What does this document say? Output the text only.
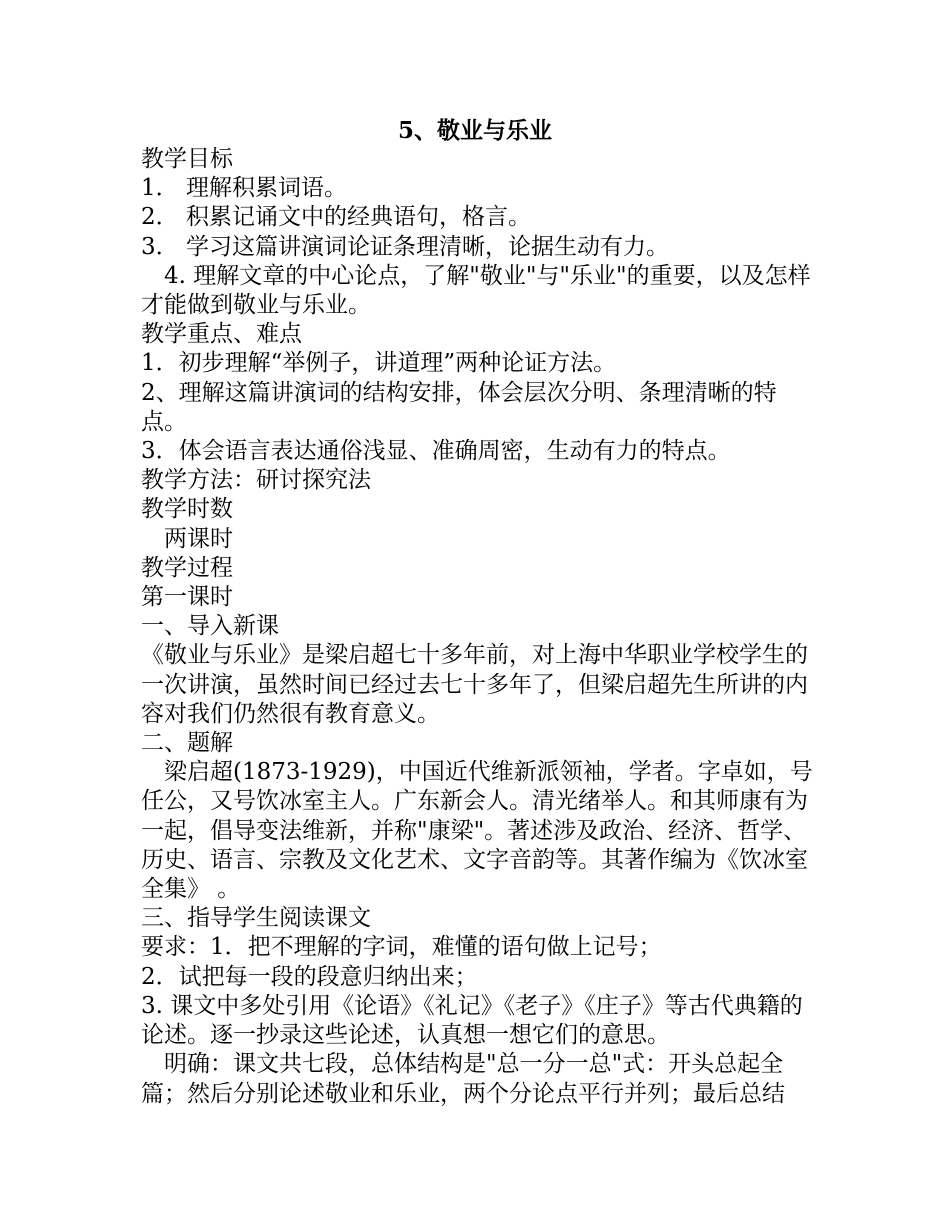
5、敬业与乐业

教学目标

1． 理解积累词语。

2． 积累记诵文中的经典语句，格言。

3． 学习这篇讲演词论证条理清晰，论据生动有力。

4. 理解文章的中心论点，了解"敬业"与"乐业"的重要，以及怎样才能做到敬业与乐业。

教学重点、难点

1．初步理解“举例子，讲道理”两种论证方法。

2、理解这篇讲演词的结构安排，体会层次分明、条理清晰的特点。

3．体会语言表达通俗浅显、准确周密，生动有力的特点。

教学方法：研讨探究法

教学时数

两课时

教学过程

第一课时

一、导入新课

《敬业与乐业》是梁启超七十多年前，对上海中华职业学校学生的一次讲演，虽然时间已经过去七十多年了，但梁启超先生所讲的内容对我们仍然很有教育意义。

二、题解

梁启超(1873-1929)，中国近代维新派领袖，学者。字卓如，号任公，又号饮冰室主人。广东新会人。清光绪举人。和其师康有为一起，倡导变法维新，并称"康梁"。著述涉及政治、经济、哲学、历史、语言、宗教及文化艺术、文字音韵等。其著作编为《饮冰室全集》 。

三、指导学生阅读课文

要求：1．把不理解的字词，难懂的语句做上记号；

2．试把每一段的段意归纳出来；

3. 课文中多处引用《论语》《礼记》《老子》《庄子》等古代典籍的论述。逐一抄录这些论述，认真想一想它们的意思。

明确：课文共七段，总体结构是"总一分一总"式：开头总起全篇；然后分别论述敬业和乐业，两个分论点平行并列；最后总结
